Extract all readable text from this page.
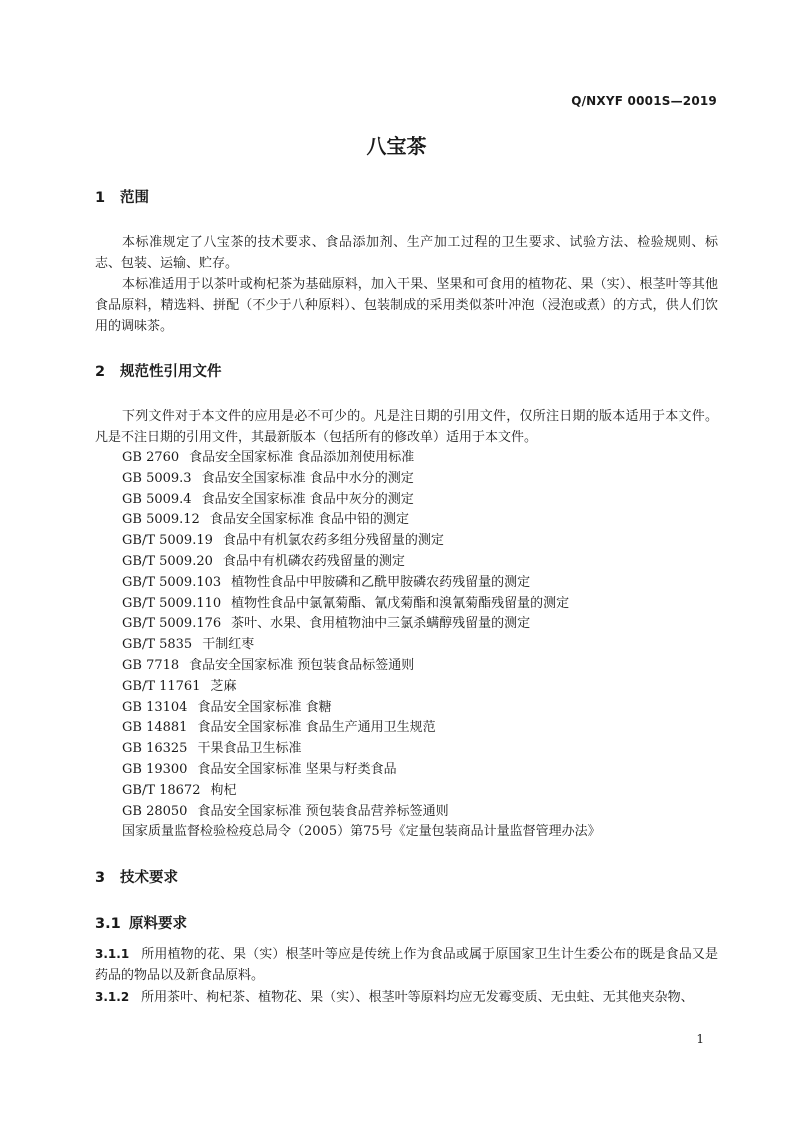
Q/NXYF 0001S—2019
八宝茶
1 范围

本标准规定了八宝茶的技术要求、食品添加剂、生产加工过程的卫生要求、试验方法、检验规则、标志、包装、运输、贮存。

本标准适用于以茶叶或枸杞茶为基础原料，加入干果、坚果和可食用的植物花、果（实）、根茎叶等其他食品原料，精选料、拼配（不少于八种原料）、包装制成的采用类似茶叶冲泡（浸泡或煮）的方式，供人们饮用的调味茶。

2 规范性引用文件

下列文件对于本文件的应用是必不可少的。凡是注日期的引用文件，仅所注日期的版本适用于本文件。凡是不注日期的引用文件，其最新版本（包括所有的修改单）适用于本文件。

GB 2760 食品安全国家标准 食品添加剂使用标准
GB 5009.3 食品安全国家标准 食品中水分的测定
GB 5009.4 食品安全国家标准 食品中灰分的测定
GB 5009.12 食品安全国家标准 食品中铅的测定
GB/T 5009.19 食品中有机氯农药多组分残留量的测定
GB/T 5009.20 食品中有机磷农药残留量的测定
GB/T 5009.103 植物性食品中甲胺磷和乙酰甲胺磷农药残留量的测定
GB/T 5009.110 植物性食品中氯氰菊酯、氰戊菊酯和溴氰菊酯残留量的测定
GB/T 5009.176 茶叶、水果、食用植物油中三氯杀螨醇残留量的测定
GB/T 5835 干制红枣
GB 7718 食品安全国家标准 预包装食品标签通则
GB/T 11761 芝麻
GB 13104 食品安全国家标准 食糖
GB 14881 食品安全国家标准 食品生产通用卫生规范
GB 16325 干果食品卫生标准
GB 19300 食品安全国家标准 坚果与籽类食品
GB/T 18672 枸杞
GB 28050 食品安全国家标准 预包装食品营养标签通则
国家质量监督检验检疫总局令（2005）第75号《定量包装商品计量监督管理办法》
3 技术要求
3.1 原料要求

3.1.1 所用植物的花、果（实）根茎叶等应是传统上作为食品或属于原国家卫生计生委公布的既是食品又是药品的物品以及新食品原料。

3.1.2 所用茶叶、枸杞茶、植物花、果（实）、根茎叶等原料均应无发霉变质、无虫蛀、无其他夹杂物、

1
